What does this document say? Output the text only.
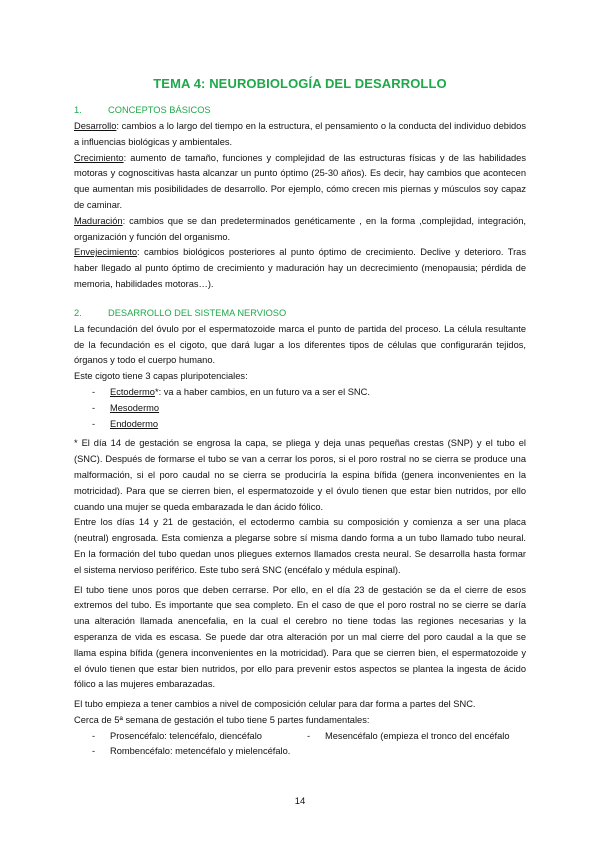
TEMA 4: NEUROBIOLOGÍA DEL DESARROLLO
1.	CONCEPTOS BÁSICOS

Desarrollo: cambios a lo largo del tiempo en la estructura, el pensamiento o la conducta del individuo debidos a influencias biológicas y ambientales.

Crecimiento: aumento de tamaño, funciones y complejidad de las estructuras físicas y de las habilidades motoras y cognoscitivas hasta alcanzar un punto óptimo (25-30 años). Es decir, hay cambios que acontecen que aumentan mis posibilidades de desarrollo. Por ejemplo, cómo crecen mis piernas y músculos soy capaz de caminar.

Maduración: cambios que se dan predeterminados genéticamente , en la forma ,complejidad, integración, organización y función del organismo.

Envejecimiento: cambios biológicos posteriores al punto óptimo de crecimiento. Declive y deterioro. Tras haber llegado al punto óptimo de crecimiento y maduración hay un decrecimiento (menopausia; pérdida de memoria, habilidades motoras…).

2.	DESARROLLO DEL SISTEMA NERVIOSO

La fecundación del óvulo por el espermatozoide marca el punto de partida del proceso. La célula resultante de la fecundación es el cigoto, que dará lugar a los diferentes tipos de células que configurarán tejidos, órganos y todo el cuerpo humano.

Este cigoto tiene 3 capas pluripotenciales:

-	Ectodermo*: va a haber cambios, en un futuro va a ser el SNC.
-	Mesodermo
-	Endodermo

* El día 14 de gestación se engrosa la capa, se pliega y deja unas pequeñas crestas (SNP) y el tubo el (SNC). Después de formarse el tubo se van a cerrar los poros, si el poro rostral no se cierra se produce una malformación, si el poro caudal no se cierra se produciría la espina bífida (genera inconvenientes en la motricidad). Para que se cierren bien, el espermatozoide y el óvulo tienen que estar bien nutridos, por ello cuando una mujer se queda embarazada le dan ácido fólico.

Entre los días 14 y 21 de gestación, el ectodermo cambia su composición y comienza a ser una placa (neutral) engrosada. Esta comienza a plegarse sobre sí misma dando forma a un tubo llamado tubo neural. En la formación del tubo quedan unos pliegues externos llamados cresta neural. Se desarrolla hasta formar el sistema nervioso periférico. Este tubo será SNC (encéfalo y médula espinal).

El tubo tiene unos poros que deben cerrarse. Por ello, en el día 23 de gestación se da el cierre de esos extremos del tubo. Es importante que sea completo. En el caso de que el poro rostral no se cierre se daría una alteración llamada anencefalia, en la cual el cerebro no tiene todas las regiones necesarias y la esperanza de vida es escasa. Se puede dar otra alteración por un mal cierre del poro caudal a la que se llama espina bífida (genera inconvenientes en la motricidad). Para que se cierren bien, el espermatozoide y el óvulo tienen que estar bien nutridos, por ello para prevenir estos aspectos se plantea la ingesta de ácido fólico a las mujeres embarazadas.

El tubo empieza a tener cambios a nivel de composición celular para dar forma a partes del SNC.

Cerca de 5ª semana de gestación el tubo tiene 5 partes fundamentales:

-	Prosencéfalo: telencéfalo, diencéfalo	-	Mesencéfalo (empieza el tronco del encéfalo
-	Rombencéfalo: metencéfalo y mielencéfalo.
14
